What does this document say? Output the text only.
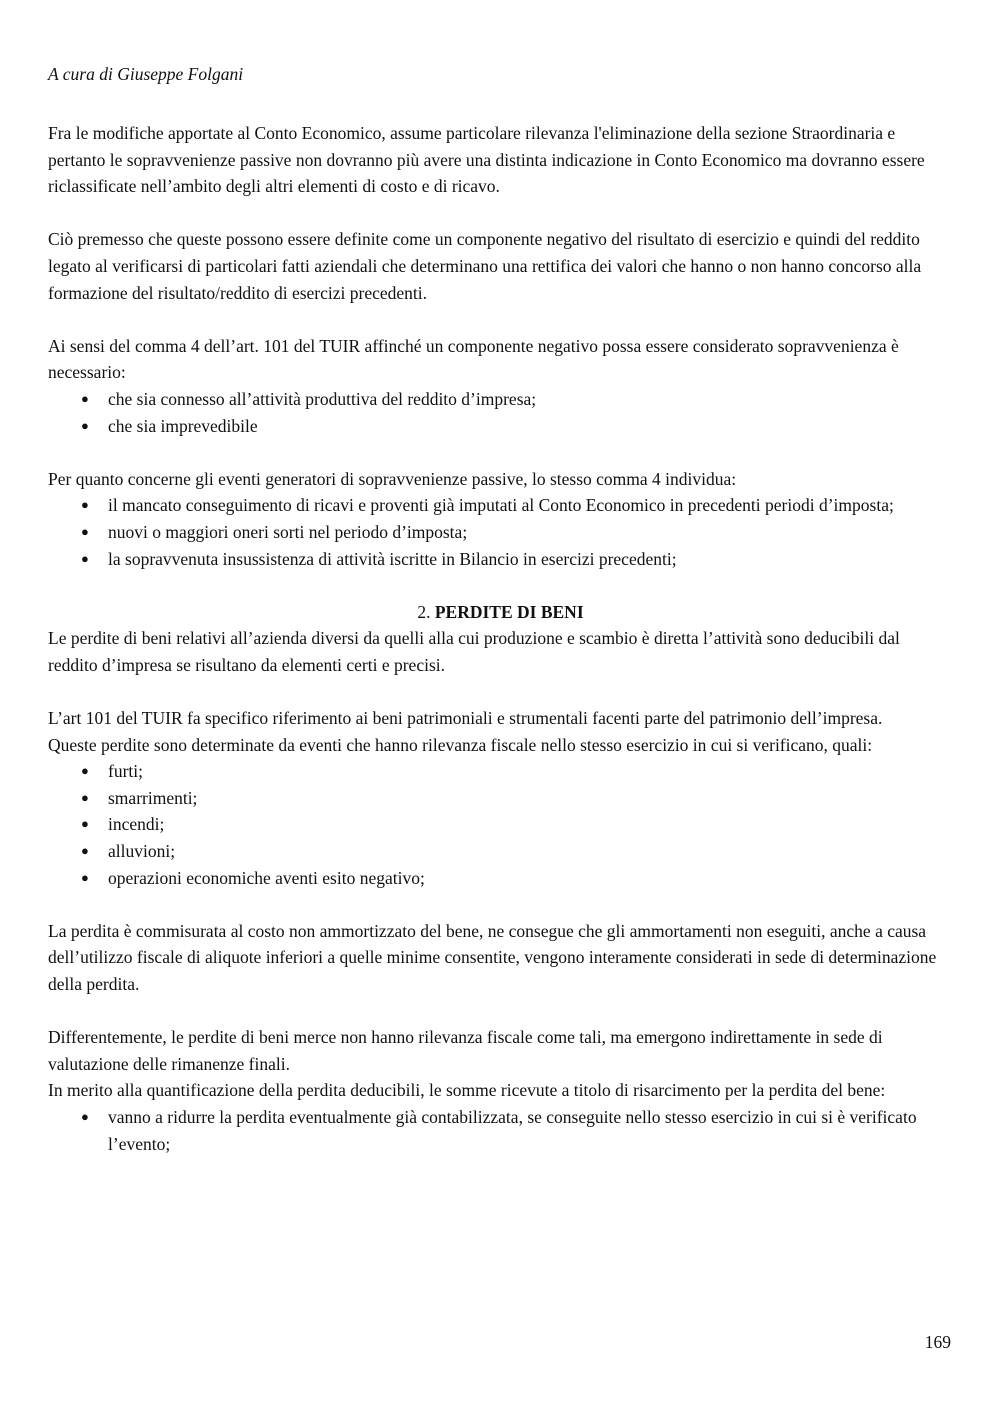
A cura di Giuseppe Folgani

Fra le modifiche apportate al Conto Economico, assume particolare rilevanza l'eliminazione della sezione Straordinaria e pertanto le sopravvenienze passive non dovranno più avere una distinta indicazione in Conto Economico ma dovranno essere riclassificate nell’ambito degli altri elementi di costo e di ricavo.

Ciò premesso che queste possono essere definite come un componente negativo del risultato di esercizio e quindi del reddito legato al verificarsi di particolari fatti aziendali che determinano una rettifica dei valori che hanno o non hanno concorso alla formazione del risultato/reddito di esercizi precedenti.

Ai sensi del comma 4 dell’art. 101 del TUIR affinché un componente negativo possa essere considerato sopravvenienza è necessario:

● che sia connesso all’attività produttiva del reddito d’impresa;
● che sia imprevedibile

Per quanto concerne gli eventi generatori di sopravvenienze passive, lo stesso comma 4 individua:

● il mancato conseguimento di ricavi e proventi già imputati al Conto Economico in precedenti periodi d’imposta;
● nuovi o maggiori oneri sorti nel periodo d’imposta;
● la sopravvenuta insussistenza di attività iscritte in Bilancio in esercizi precedenti;

2. PERDITE DI BENI

Le perdite di beni relativi all’azienda diversi da quelli alla cui produzione e scambio è diretta l’attività sono deducibili dal reddito d’impresa se risultano da elementi certi e precisi.

L’art 101 del TUIR fa specifico riferimento ai beni patrimoniali e strumentali facenti parte del patrimonio dell’impresa.

Queste perdite sono determinate da eventi che hanno rilevanza fiscale nello stesso esercizio in cui si verificano, quali:

● furti;
● smarrimenti;
● incendi;
● alluvioni;
● operazioni economiche aventi esito negativo;

La perdita è commisurata al costo non ammortizzato del bene, ne consegue che gli ammortamenti non eseguiti, anche a causa dell’utilizzo fiscale di aliquote inferiori a quelle minime consentite, vengono interamente considerati in sede di determinazione della perdita.

Differentemente, le perdite di beni merce non hanno rilevanza fiscale come tali, ma emergono indirettamente in sede di valutazione delle rimanenze finali.

In merito alla quantificazione della perdita deducibili, le somme ricevute a titolo di risarcimento per la perdita del bene:

● vanno a ridurre la perdita eventualmente già contabilizzata, se conseguite nello stesso esercizio in cui si è verificato l’evento;
169
